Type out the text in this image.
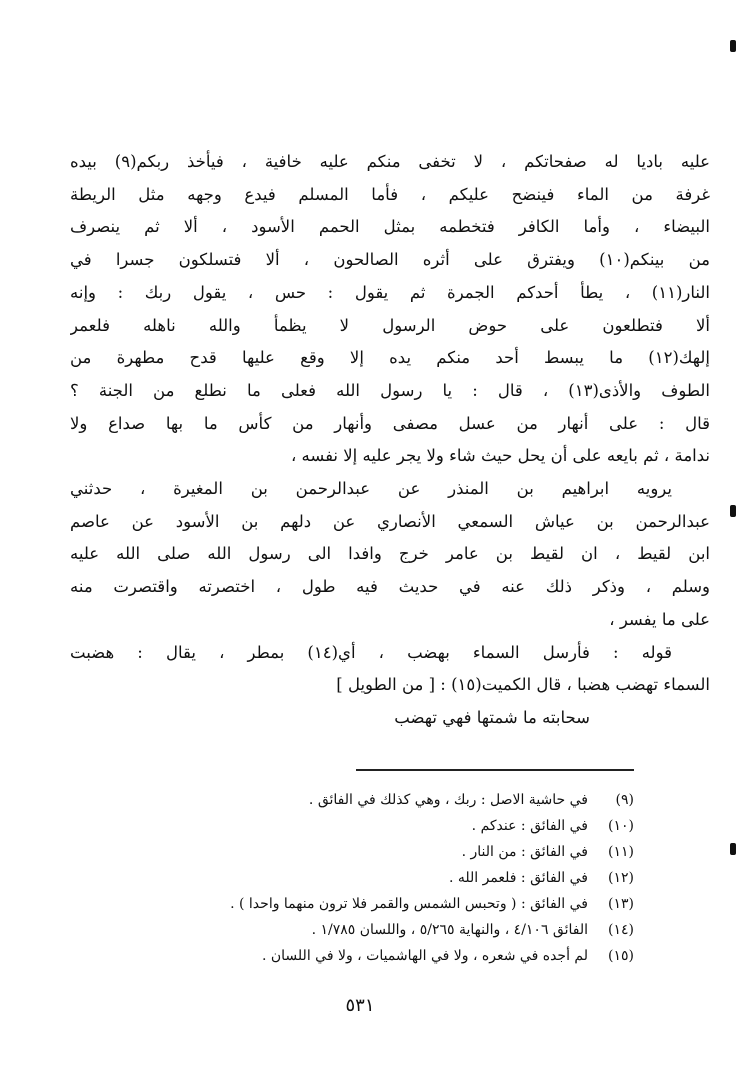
عليه باديا له صفحاتكم ، لا تخفى منكم عليه خافية ، فيأخذ ربكم(٩) بيده
غرفة من الماء فينضح عليكم ، فأما المسلم فيدع وجهه مثل الريطة
البيضاء ، وأما الكافر فتخطمه بمثل الحمم الأسود ، ألا ثم ينصرف
من بينكم(١٠) ويفترق على أثره الصالحون ، ألا فتسلكون جسرا في
النار(١١) ، يطأ أحدكم الجمرة ثم يقول : حس ، يقول ربك : وإنه
ألا فتطلعون على حوض الرسول لا يظمأ والله ناهله فلعمر
إلهك(١٢) ما يبسط أحد منكم يده إلا وقع عليها قدح مطهرة من
الطوف والأذى(١٣) ، قال : يا رسول الله فعلى ما نطلع من الجنة ؟
قال : على أنهار من عسل مصفى وأنهار من كأس ما بها صداع ولا
ندامة ، ثم بايعه على أن يحل حيث شاء ولا يجر عليه إلا نفسه ،
يرويه ابراهيم بن المنذر عن عبدالرحمن بن المغيرة ، حدثني
عبدالرحمن بن عياش السمعي الأنصاري عن دلهم بن الأسود عن عاصم
ابن لقيط ، ان لقيط بن عامر خرج وافدا الى رسول الله صلى الله عليه
وسلم ، وذكر ذلك عنه في حديث فيه طول ، اختصرته واقتصرت منه
على ما يفسر ،
قوله : فأرسل السماء بهضب ، أي(١٤) بمطر ، يقال : هضبت
السماء تهضب هضبا ، قال الكميت(١٥) : [ من الطويل ]
سحابته ما شمتها فهي تهضب
(٩)في حاشية الاصل : ربك ، وهي كذلك في الفائق .
(١٠)في الفائق : عندكم .
(١١)في الفائق : من النار .
(١٢)في الفائق : فلعمر الله .
(١٣)في الفائق : ( وتحبس الشمس والقمر فلا ترون منهما واحدا ) .
(١٤)الفائق ٤/١٠٦ ، والنهاية ٥/٢٦٥ ، واللسان ١/٧٨٥ .
(١٥)لم أجده في شعره ، ولا في الهاشميات ، ولا في اللسان .
٥٣١
